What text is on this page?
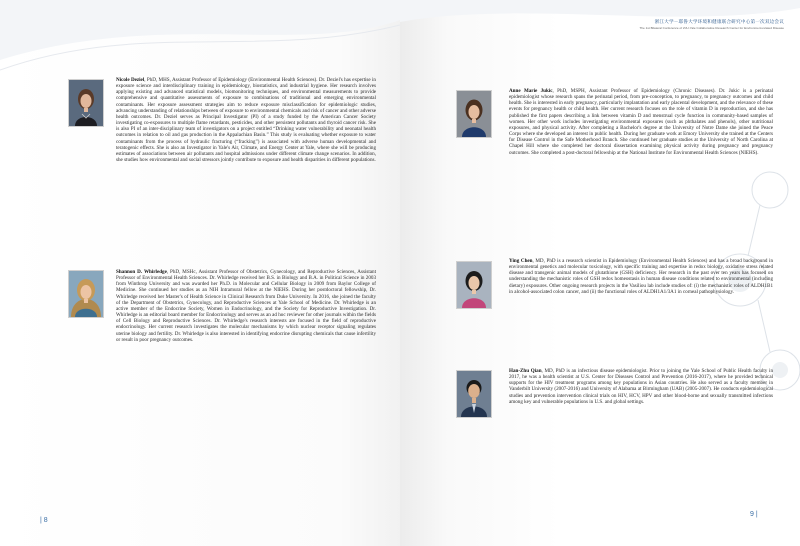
Nicole Deziel, PhD, MHS, Assistant Professor of Epidemiology (Environmental Health Sciences). Dr. Deziel's has expertise in exposure science and interdisciplinary training in epidemiology, biostatistics, and industrial hygiene. Her research involves applying existing and advanced statistical models, biomonitoring techniques, and environmental measurements to provide comprehensive and quantitative assessments of exposure to combinations of traditional and emerging environmental contaminants. Her exposure assessment strategies aim to reduce exposure misclassification for epidemiologic studies, advancing understanding of relationships between of exposure to environmental chemicals and risk of cancer and other adverse health outcomes. Dr. Deziel serves as Principal Investigator (PI) of a study funded by the American Cancer Society investigating co-exposures to multiple flame retardants, pesticides, and other persistent pollutants and thyroid cancer risk. She is also PI of an inter-disciplinary team of investigators on a project entitled “Drinking water vulnerability and neonatal health outcomes in relation to oil and gas production in the Appalachian Basin.” This study is evaluating whether exposure to water contaminants from the process of hydraulic fracturing (“fracking”) is associated with adverse human developmental and teratogenic effects. She is also an Investigator in Yale's Air, Climate, and Energy Center at Yale, where she will be producing estimates of associations between air pollutants and hospital admissions under different climate change scenarios. In addition, she studies how environmental and social stressors jointly contribute to exposure and health disparities in different populations.
Shannon D. Whirledge, PhD, MSHc, Assistant Professor of Obstetrics, Gynecology, and Reproductive Sciences, Assistant Professor of Environmental Health Sciences. Dr. Whirledge received her B.S. in Biology and B.A. in Political Science in 2003 from Winthrop University and was awarded her Ph.D. in Molecular and Cellular Biology in 2009 from Baylor College of Medicine. She continued her studies as an NIH Intramural fellow at the NIEHS. During her postdoctoral fellowship, Dr. Whirledge received her Master's of Health Science in Clinical Research from Duke University. In 2016, she joined the faculty of the Department of Obstetrics, Gynecology, and Reproductive Sciences at Yale School of Medicine. Dr. Whirledge is an active member of the Endocrine Society, Women in Endocrinology, and the Society for Reproductive Investigation. Dr. Whirledge is an editorial board member for Endocrinology and serves as an ad hoc reviewer for other journals within the fields of Cell Biology and Reproductive Sciences. Dr. Whirledge's research interests are focused in the field of reproductive endocrinology. Her current research investigates the molecular mechanisms by which nuclear receptor signaling regulates uterine biology and fertility. Dr. Whirledge is also interested in identifying endocrine disrupting chemicals that cause infertility or result in poor pregnancy outcomes.
| 8
浙江大学－耶鲁大学环境和健康联合研究中心第一次双边会议
The 1st Bilateral Conference of ZJU-Yale Collaborative Research Center for Environment-related Disease
Anne Marie Jukic, PhD, MSPH, Assistant Professor of Epidemiology (Chronic Diseases). Dr. Jukic is a perinatal epidemiologist whose research spans the perinatal period, from pre-conception, to pregnancy, to pregnancy outcomes and child health. She is interested in early pregnancy, particularly implantation and early placental development, and the relevance of these events for pregnancy health or child health. Her current research focuses on the role of vitamin D in reproduction, and she has published the first papers describing a link between vitamin D and menstrual cycle function in community-based samples of women. Her other work includes investigating environmental exposures (such as phthalates and phenols), other nutritional exposures, and physical activity. After completing a Bachelor's degree at the University of Notre Dame she joined the Peace Corps where she developed an interest in public health. During her graduate work at Emory University she trained at the Centers for Disease Control in the Safe Motherhood Branch. She continued her graduate studies at the University of North Carolina at Chapel Hill where she completed her doctoral dissertation examining physical activity during pregnancy and pregnancy outcomes. She completed a post-doctoral fellowship at the National Institute for Environmental Health Sciences (NIEHS).
Ying Chen, MD, PhD is a research scientist in Epidemiology (Environmental Health Sciences) and has a broad background in environmental genetics and molecular toxicology, with specific training and expertise in redox biology, oxidative stress related disease and transgenic animal models of glutathione (GSH) deficiency. Her research in the past over ten years has focused on understanding the mechanistic roles of GSH redox homeostasis in human disease conditions related to environmental (including dietary) exposures. Other ongoing research projects in the Vasiliou lab include studies of: (i) the mechanistic roles of ALDH1B1 in alcohol-associated colon cancer, and (ii) the functional roles of ALDH1A1/3A1 in corneal pathophysiology.
Han-Zhu Qian, MD, PhD is an infectious disease epidemiologist. Prior to joining the Yale School of Public Health faculty in 2017, he was a health scientist at U.S. Center for Diseases Control and Prevention (2016-2017), where he provided technical supports for the HIV treatment programs among key populations in Asian countries. He also served as a faculty member in Vanderbilt University (2007-2016) and University of Alabama at Birmingham (UAB) (2005-2007). He conducts epidemiological studies and prevention intervention clinical trials on HIV, HCV, HPV and other blood-borne and sexually transmitted infections among key and vulnerable populations in U.S. and global settings.
9 |
